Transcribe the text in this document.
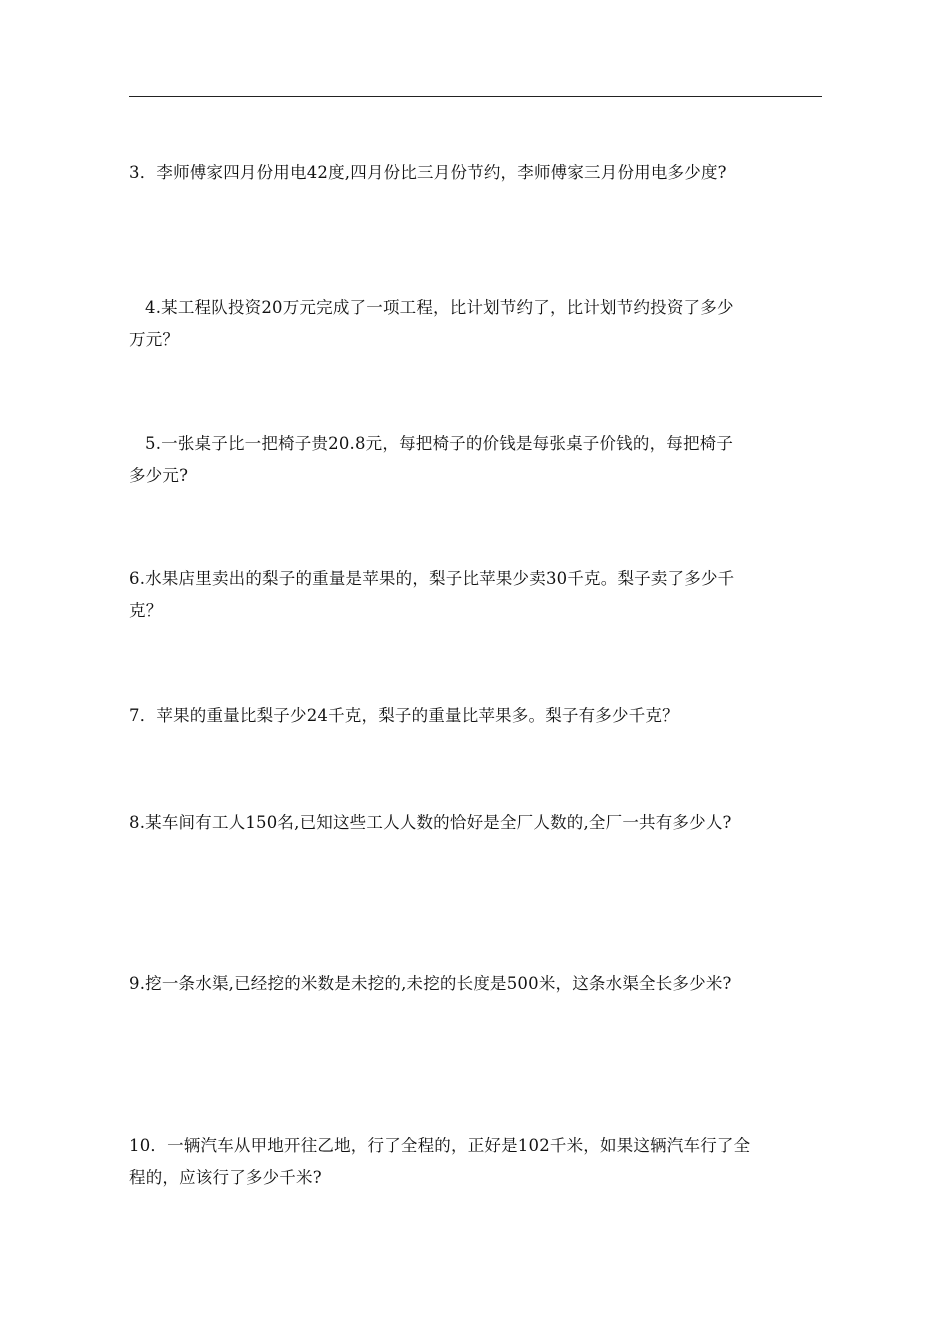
3．李师傅家四月份用电42度,四月份比三月份节约，李师傅家三月份用电多少度?
4.某工程队投资20万元完成了一项工程，比计划节约了，比计划节约投资了多少
万元？
5.一张桌子比一把椅子贵20.8元，每把椅子的价钱是每张桌子价钱的，每把椅子
多少元?
6.水果店里卖出的梨子的重量是苹果的，梨子比苹果少卖30千克。梨子卖了多少千
克？
7．苹果的重量比梨子少24千克，梨子的重量比苹果多。梨子有多少千克？
8.某车间有工人150名,已知这些工人人数的恰好是全厂人数的,全厂一共有多少人?
9.挖一条水渠,已经挖的米数是未挖的,未挖的长度是500米，这条水渠全长多少米?
10．一辆汽车从甲地开往乙地，行了全程的，正好是102千米，如果这辆汽车行了全
程的，应该行了多少千米?
